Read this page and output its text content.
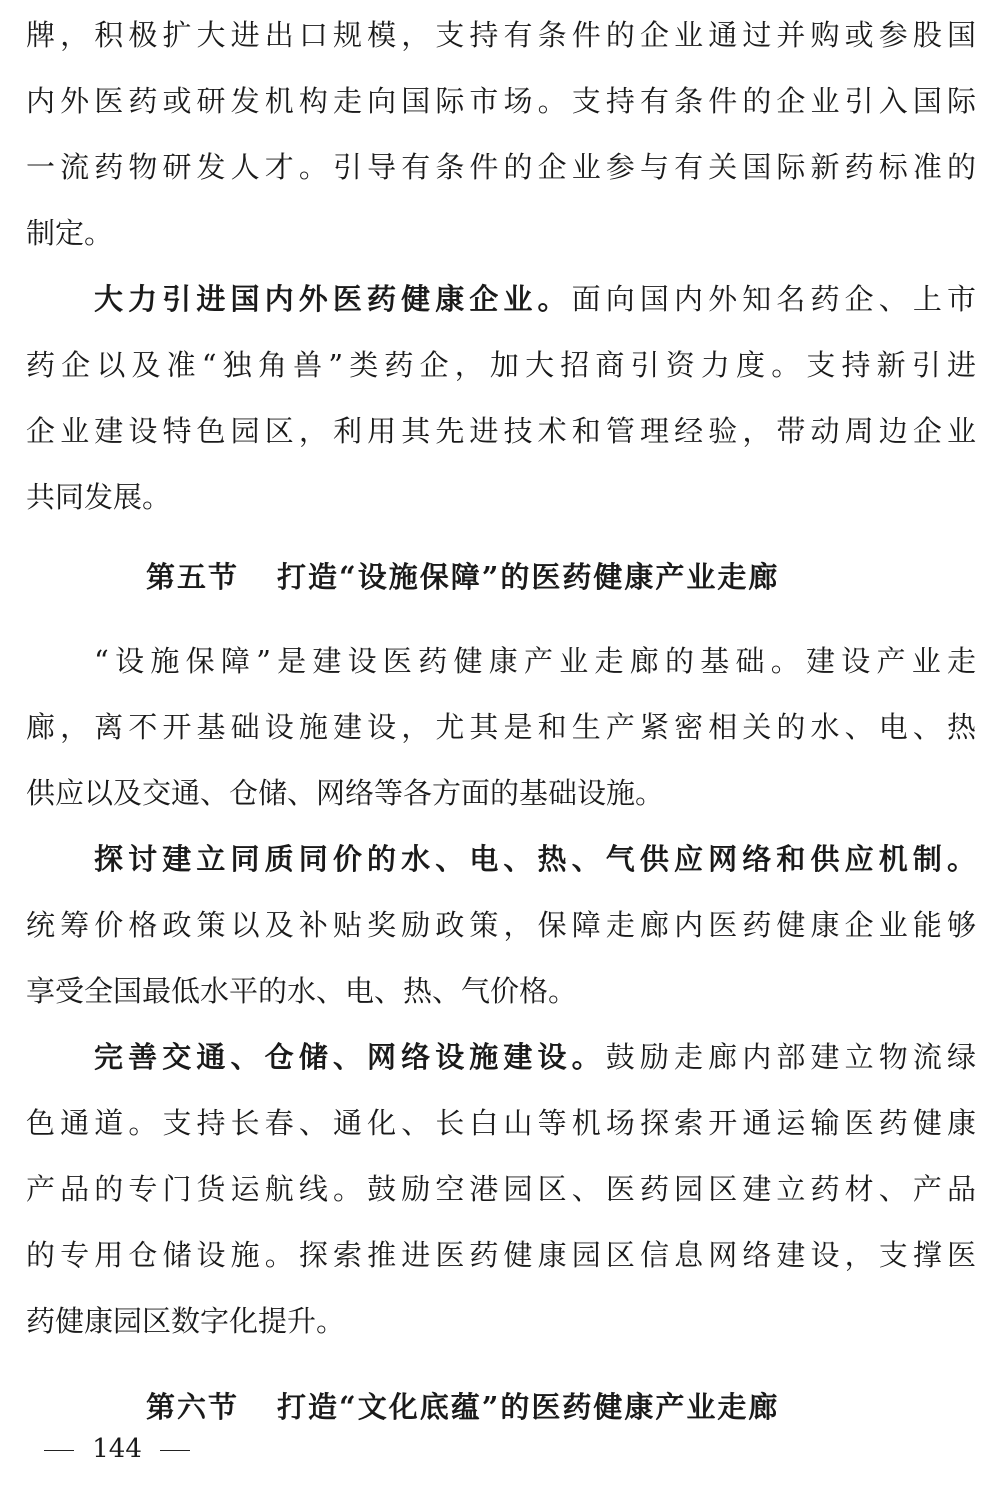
牌，积极扩大进出口规模，支持有条件的企业通过并购或参股国
内外医药或研发机构走向国际市场。支持有条件的企业引入国际
一流药物研发人才。引导有条件的企业参与有关国际新药标准的
制定。
大力引进国内外医药健康企业。面向国内外知名药企、上市
药企以及准“独角兽”类药企，加大招商引资力度。支持新引进
企业建设特色园区，利用其先进技术和管理经验，带动周边企业
共同发展。
第五节 打造“设施保障”的医药健康产业走廊
“设施保障”是建设医药健康产业走廊的基础。建设产业走
廊，离不开基础设施建设，尤其是和生产紧密相关的水、电、热
供应以及交通、仓储、网络等各方面的基础设施。
探讨建立同质同价的水、电、热、气供应网络和供应机制。
统筹价格政策以及补贴奖励政策，保障走廊内医药健康企业能够
享受全国最低水平的水、电、热、气价格。
完善交通、仓储、网络设施建设。鼓励走廊内部建立物流绿
色通道。支持长春、通化、长白山等机场探索开通运输医药健康
产品的专门货运航线。鼓励空港园区、医药园区建立药材、产品
的专用仓储设施。探索推进医药健康园区信息网络建设，支撑医
药健康园区数字化提升。
第六节 打造“文化底蕴”的医药健康产业走廊
144
